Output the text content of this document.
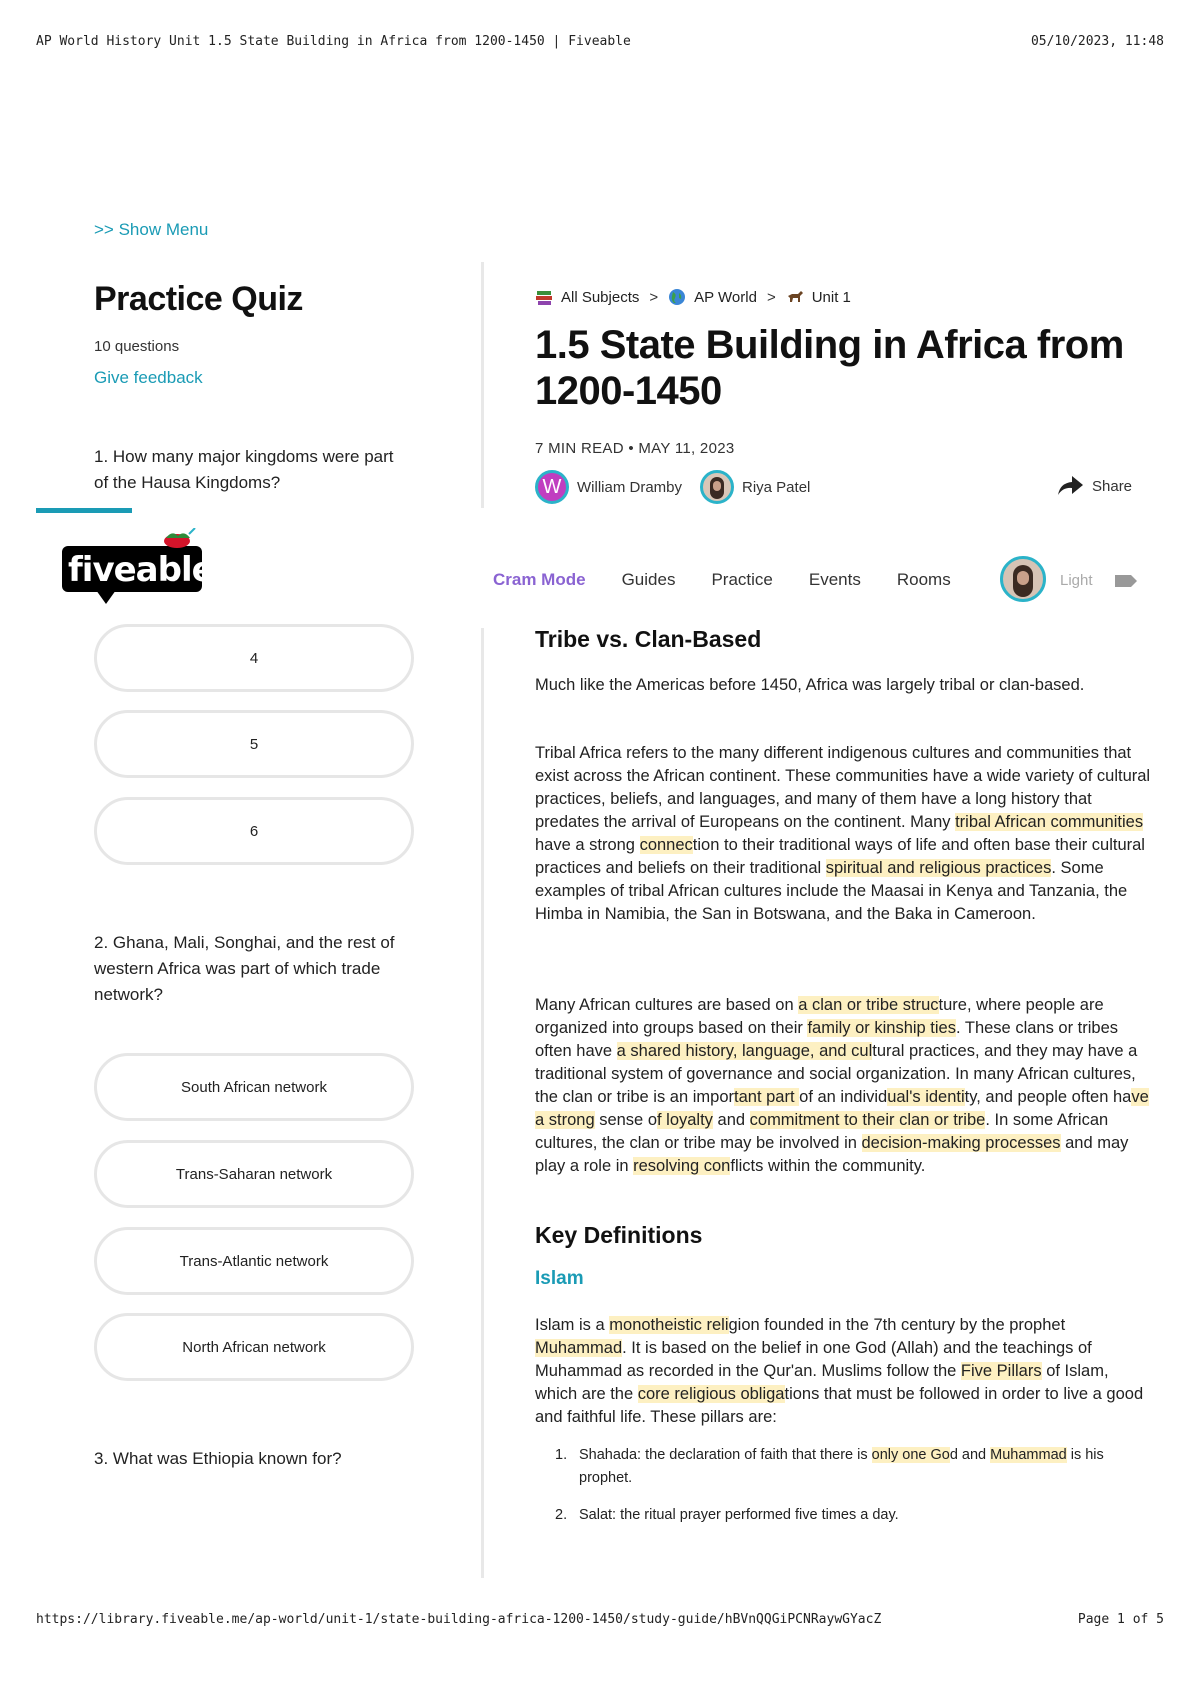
AP World History Unit 1.5 State Building in Africa from 1200-1450 | Fiveable	05/10/2023, 11:48
>> Show Menu
Practice Quiz
10 questions
Give feedback
1. How many major kingdoms were part of the Hausa Kingdoms?
fiveable
4
5
6
2. Ghana, Mali, Songhai, and the rest of western Africa was part of which trade network?
South African network
Trans-Saharan network
Trans-Atlantic network
North African network
3. What was Ethiopia known for?
All Subjects > AP World > Unit 1
1.5 State Building in Africa from 1200-1450
7 MIN READ • MAY 11, 2023
W	William Dramby	Riya Patel	Share
Cram Mode Guides Practice Events Rooms	Light
Tribe vs. Clan-Based

Much like the Americas before 1450, Africa was largely tribal or clan-based.

Tribal Africa refers to the many different indigenous cultures and communities that exist across the African continent. These communities have a wide variety of cultural practices, beliefs, and languages, and many of them have a long history that predates the arrival of Europeans on the continent. Many tribal African communities have a strong connection to their traditional ways of life and often base their cultural practices and beliefs on their traditional spiritual and religious practices. Some examples of tribal African cultures include the Maasai in Kenya and Tanzania, the Himba in Namibia, the San in Botswana, and the Baka in Cameroon.

Many African cultures are based on a clan or tribe structure, where people are organized into groups based on their family or kinship ties. These clans or tribes often have a shared history, language, and cultural practices, and they may have a traditional system of governance and social organization. In many African cultures, the clan or tribe is an important part of an individual's identity, and people often have a strong sense of loyalty and commitment to their clan or tribe. In some African cultures, the clan or tribe may be involved in decision-making processes and may play a role in resolving conflicts within the community.

Key Definitions
Islam

Islam is a monotheistic religion founded in the 7th century by the prophet Muhammad. It is based on the belief in one God (Allah) and the teachings of Muhammad as recorded in the Qur'an. Muslims follow the Five Pillars of Islam, which are the core religious obligations that must be followed in order to live a good and faithful life. These pillars are:

1. Shahada: the declaration of faith that there is only one God and Muhammad is his prophet.
2. Salat: the ritual prayer performed five times a day.
https://library.fiveable.me/ap-world/unit-1/state-building-africa-1200-1450/study-guide/hBVnQQGiPCNRaywGYacZ	Page 1 of 5
